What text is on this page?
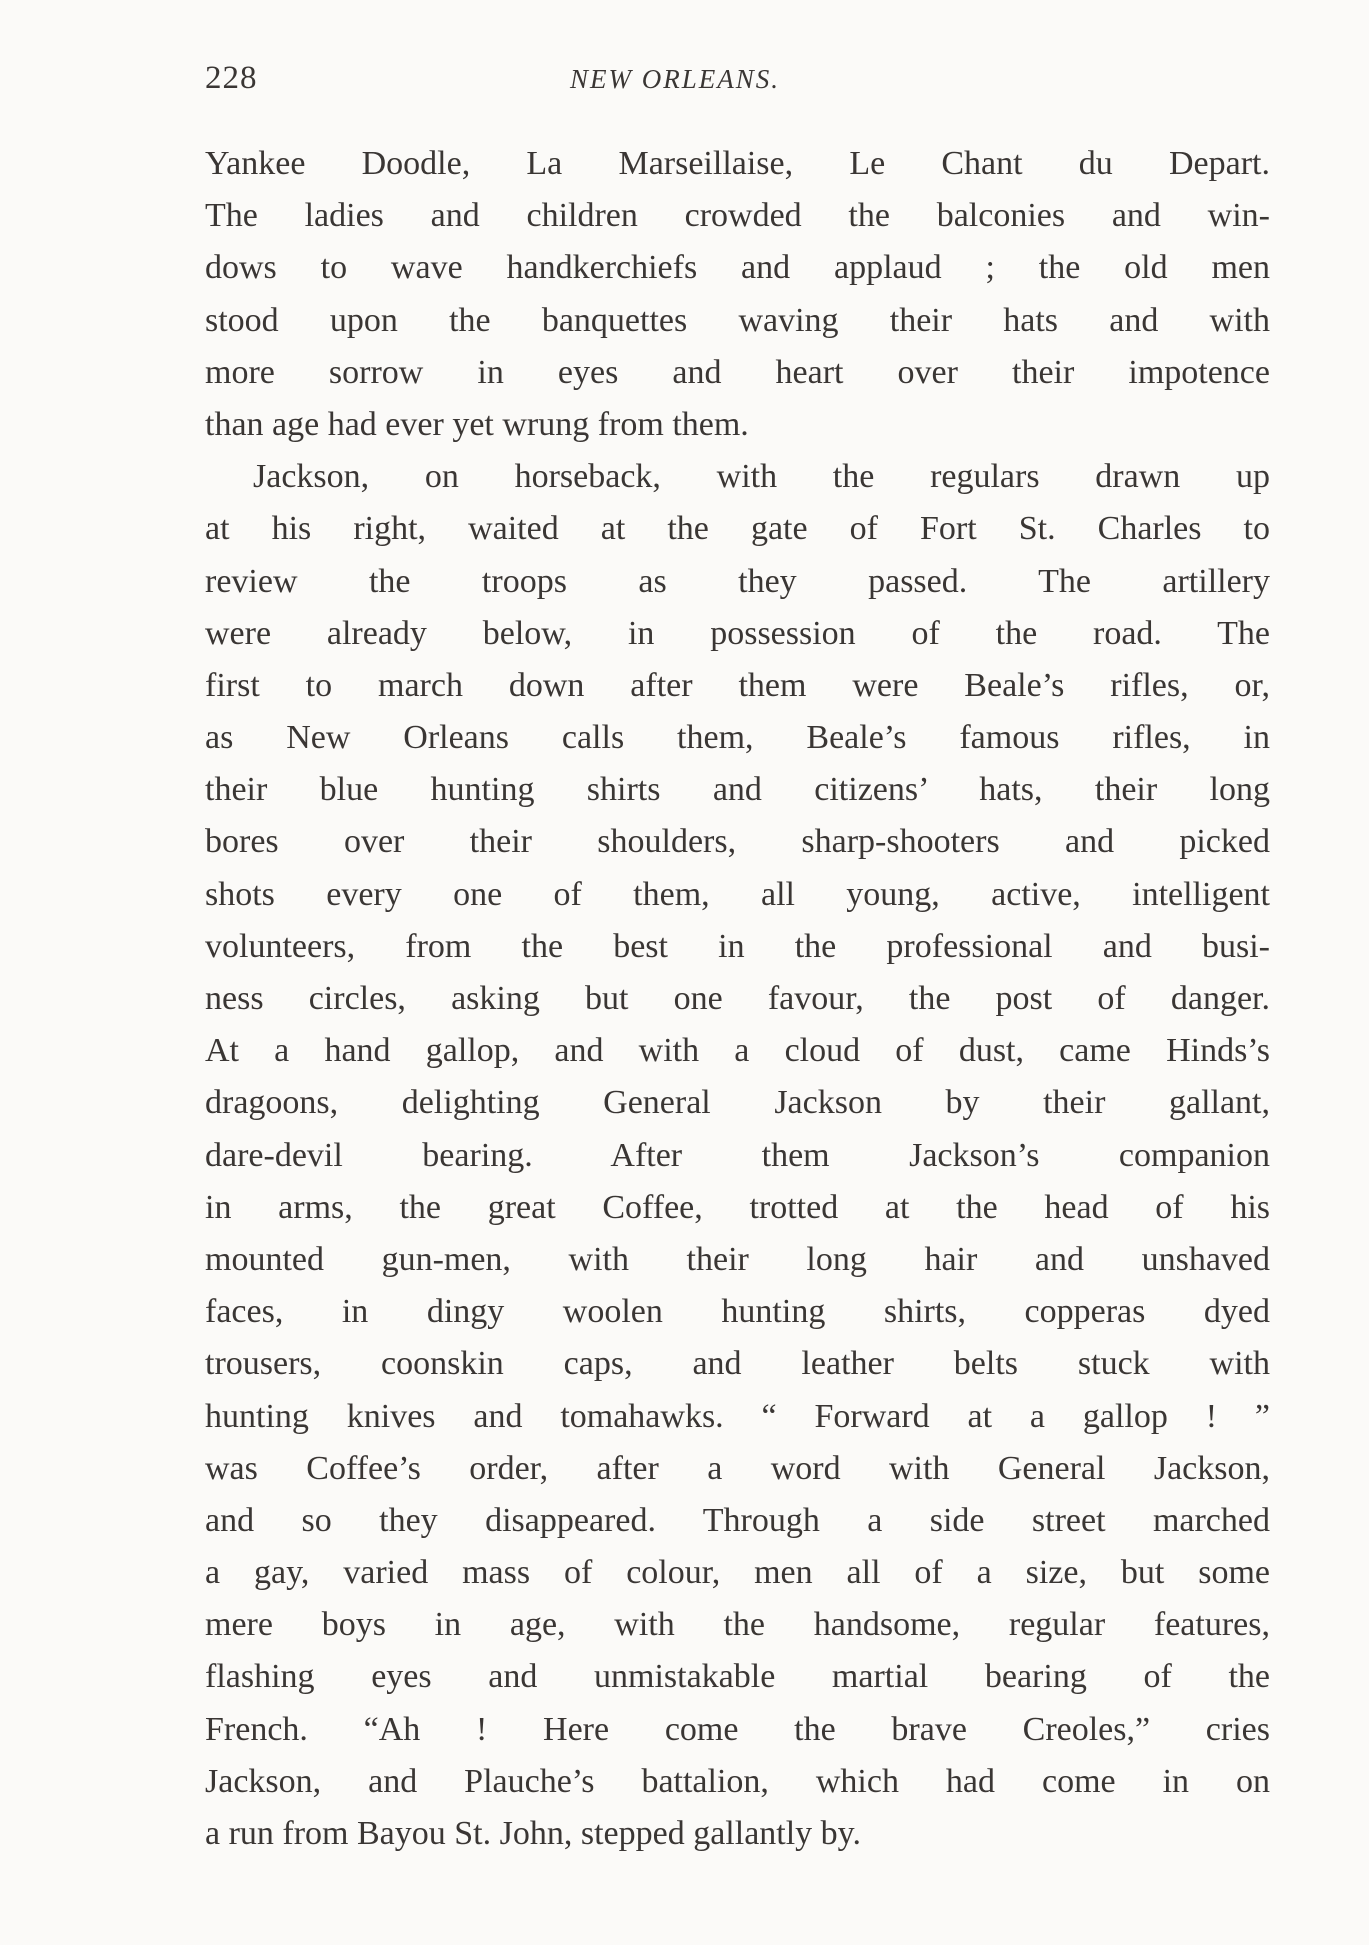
228	NEW ORLEANS.
Yankee Doodle, La Marseillaise, Le Chant du Depart.
The ladies and children crowded the balconies and win-
dows to wave handkerchiefs and applaud ; the old men
stood upon the banquettes waving their hats and with
more sorrow in eyes and heart over their impotence
than age had ever yet wrung from them.
Jackson, on horseback, with the regulars drawn up
at his right, waited at the gate of Fort St. Charles to
review the troops as they passed. The artillery
were already below, in possession of the road. The
first to march down after them were Beale’s rifles, or,
as New Orleans calls them, Beale’s famous rifles, in
their blue hunting shirts and citizens’ hats, their long
bores over their shoulders, sharp-shooters and picked
shots every one of them, all young, active, intelligent
volunteers, from the best in the professional and busi-
ness circles, asking but one favour, the post of danger.
At a hand gallop, and with a cloud of dust, came Hinds’s
dragoons, delighting General Jackson by their gallant,
dare-devil bearing. After them Jackson’s companion
in arms, the great Coffee, trotted at the head of his
mounted gun-men, with their long hair and unshaved
faces, in dingy woolen hunting shirts, copperas dyed
trousers, coonskin caps, and leather belts stuck with
hunting knives and tomahawks. “ Forward at a gallop ! ”
was Coffee’s order, after a word with General Jackson,
and so they disappeared. Through a side street marched
a gay, varied mass of colour, men all of a size, but some
mere boys in age, with the handsome, regular features,
flashing eyes and unmistakable martial bearing of the
French. “Ah ! Here come the brave Creoles,” cries
Jackson, and Plauche’s battalion, which had come in on
a run from Bayou St. John, stepped gallantly by.
